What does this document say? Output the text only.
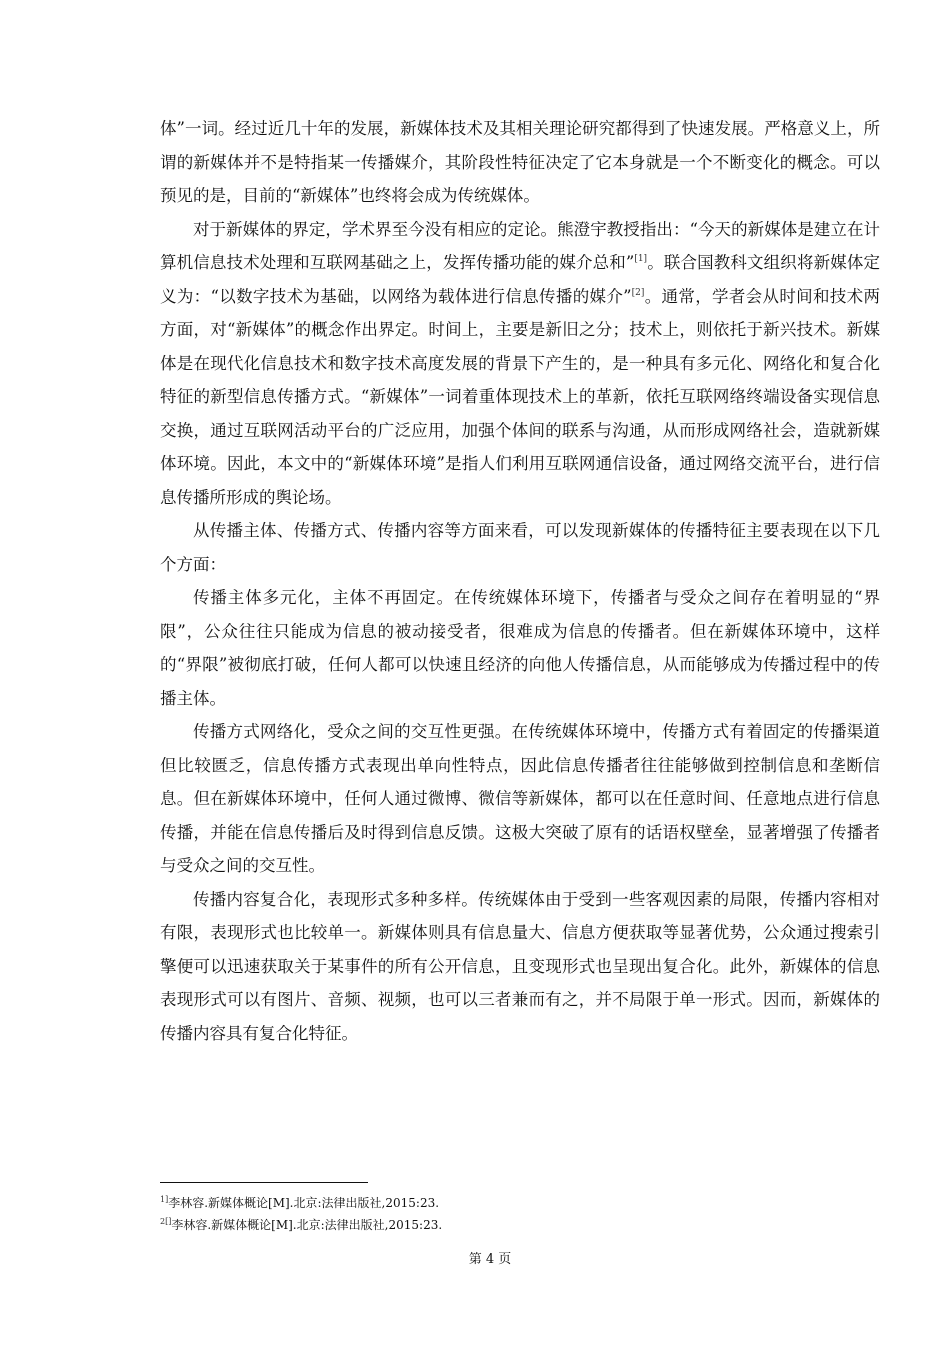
体”一词。经过近几十年的发展，新媒体技术及其相关理论研究都得到了快速发展。严格意义上，所谓的新媒体并不是特指某一传播媒介，其阶段性特征决定了它本身就是一个不断变化的概念。可以预见的是，目前的“新媒体”也终将会成为传统媒体。

对于新媒体的界定，学术界至今没有相应的定论。熊澄宇教授指出：“今天的新媒体是建立在计算机信息技术处理和互联网基础之上，发挥传播功能的媒介总和”[1]。联合国教科文组织将新媒体定义为：“以数字技术为基础，以网络为载体进行信息传播的媒介”[2]。通常，学者会从时间和技术两方面，对“新媒体”的概念作出界定。时间上，主要是新旧之分；技术上，则依托于新兴技术。新媒体是在现代化信息技术和数字技术高度发展的背景下产生的，是一种具有多元化、网络化和复合化特征的新型信息传播方式。“新媒体”一词着重体现技术上的革新，依托互联网络终端设备实现信息交换，通过互联网活动平台的广泛应用，加强个体间的联系与沟通，从而形成网络社会，造就新媒体环境。因此，本文中的“新媒体环境”是指人们利用互联网通信设备，通过网络交流平台，进行信息传播所形成的舆论场。

从传播主体、传播方式、传播内容等方面来看，可以发现新媒体的传播特征主要表现在以下几个方面：

传播主体多元化，主体不再固定。在传统媒体环境下，传播者与受众之间存在着明显的“界限”，公众往往只能成为信息的被动接受者，很难成为信息的传播者。但在新媒体环境中，这样的“界限”被彻底打破，任何人都可以快速且经济的向他人传播信息，从而能够成为传播过程中的传播主体。

传播方式网络化，受众之间的交互性更强。在传统媒体环境中，传播方式有着固定的传播渠道但比较匮乏，信息传播方式表现出单向性特点，因此信息传播者往往能够做到控制信息和垄断信息。但在新媒体环境中，任何人通过微博、微信等新媒体，都可以在任意时间、任意地点进行信息传播，并能在信息传播后及时得到信息反馈。这极大突破了原有的话语权壁垒，显著增强了传播者与受众之间的交互性。

传播内容复合化，表现形式多种多样。传统媒体由于受到一些客观因素的局限，传播内容相对有限，表现形式也比较单一。新媒体则具有信息量大、信息方便获取等显著优势，公众通过搜索引擎便可以迅速获取关于某事件的所有公开信息，且变现形式也呈现出复合化。此外，新媒体的信息表现形式可以有图片、音频、视频，也可以三者兼而有之，并不局限于单一形式。因而，新媒体的传播内容具有复合化特征。

$^{1]}$李林容.新媒体概论[M].北京:法律出版社,2015:23.
$^{2[]}$李林容.新媒体概论[M].北京:法律出版社,2015:23.
第 4 页
